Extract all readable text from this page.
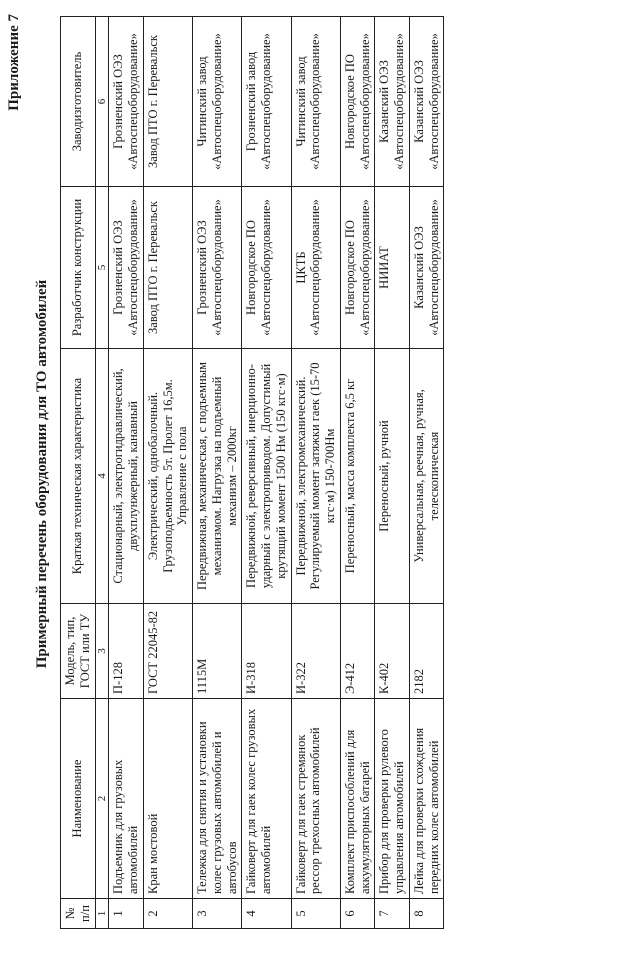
Приложение 7
Примерный перечень оборудования для ТО автомобилей
№ п/п	Наименование	Модель, тип, ГОСТ или ТУ	Краткая техническая характеристика	Разработчик конструкции	Заводизготовитель
1	2	3	4	5	6
1	Подъемник для грузовых автомобилей	П-128	Стационарный, электрогидравлический, двухплунжерный, канавный	Грозненский ОЭЗ «Автоспецоборудование»	Грозненский ОЭЗ «Автоспецоборудование»
2	Кран мостовой	ГОСТ 22045-82	Электрический, однобалочный. Грузоподъемность 5т. Пролет 16,5м. Управление с пола	Завод ПТО г. Перевальск	Завод ПТО г. Перевальск
3	Тележка для снятия и установки колес грузовых автомобилей и автобусов	1115М	Передвижная, механическая, с подъемным механизмом. Нагрузка на подъемный механизм – 2000кг	Грозненский ОЭЗ «Автоспецоборудование»	Читинский завод «Автоспецоборудование»
4	Гайковерт для гаек колес грузовых автомобилей	И-318	Передвижной, реверсивный, инерционно-ударный с электроприводом. Допустимый крутящий момент 1500 Нм (150 кгс·м)	Новгородское ПО «Автоспецоборудование»	Грозненский завод «Автоспецоборудование»
5	Гайковерт для гаек стремянок рессор трехосных автомобилей	И-322	Передвижной, электромеханический. Регулируемый момент затяжки гаек (15-70 кгс·м) 150-700Нм	ЦКТБ «Автоспецоборудование»	Читинский завод «Автоспецоборудование»
6	Комплект приспособлений для аккумуляторных батарей	Э-412	Переносный, масса комплекта 6,5 кг	Новгородское ПО «Автоспецоборудование»	Новгородское ПО «Автоспецоборудование»
7	Прибор для проверки рулевого управления автомобилей	К-402	Переносный, ручной	НИИАТ	Казанский ОЭЗ «Автоспецоборудование»
8	Лейка для проверки схождения передних колес автомобилей	2182	Универсальная, реечная, ручная, телескопическая	Казанский ОЭЗ «Автоспецоборудование»	Казанский ОЭЗ «Автоспецоборудование»
